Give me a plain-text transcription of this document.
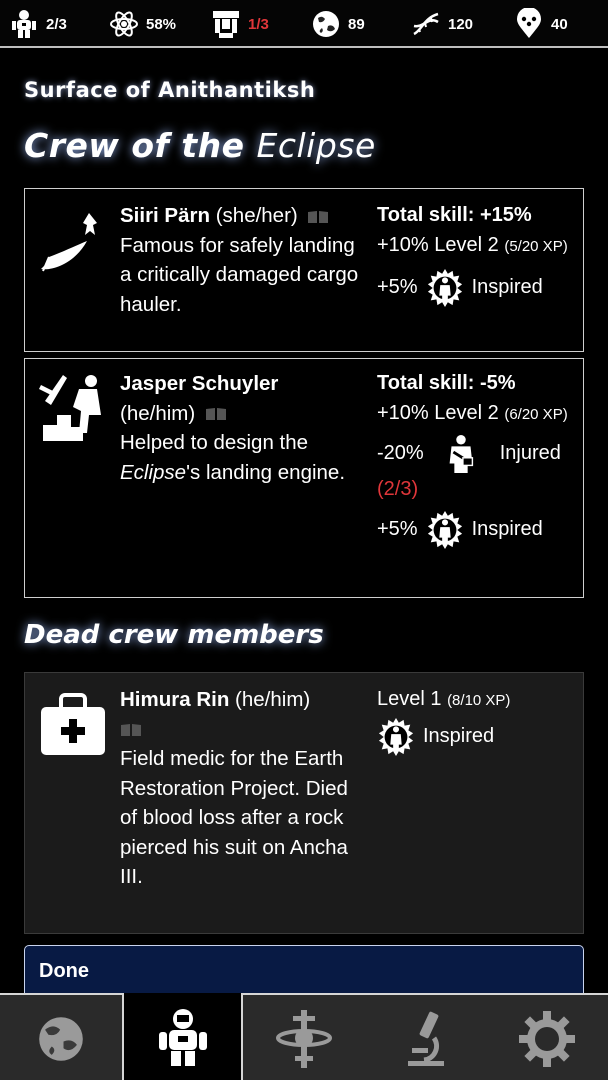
2/3	58%	1/3	89	120	40
Surface of Anithantiksh
Crew of the Eclipse
Siiri Pärn (she/her)
Famous for safely landing a critically damaged cargo hauler.
Total skill: +15%
+10% Level 2 (5/20 XP)
+5%	Inspired
Jasper Schuyler
(he/him)
Helped to design the Eclipse's landing engine.
Total skill: -5%
+10% Level 2 (6/20 XP)
-20%	Injured
(2/3)
+5%	Inspired
Dead crew members
Himura Rin (he/him)

Field medic for the Earth Restoration Project. Died of blood loss after a rock pierced his suit on Ancha III.
Level 1 (8/10 XP)
Inspired
Done
